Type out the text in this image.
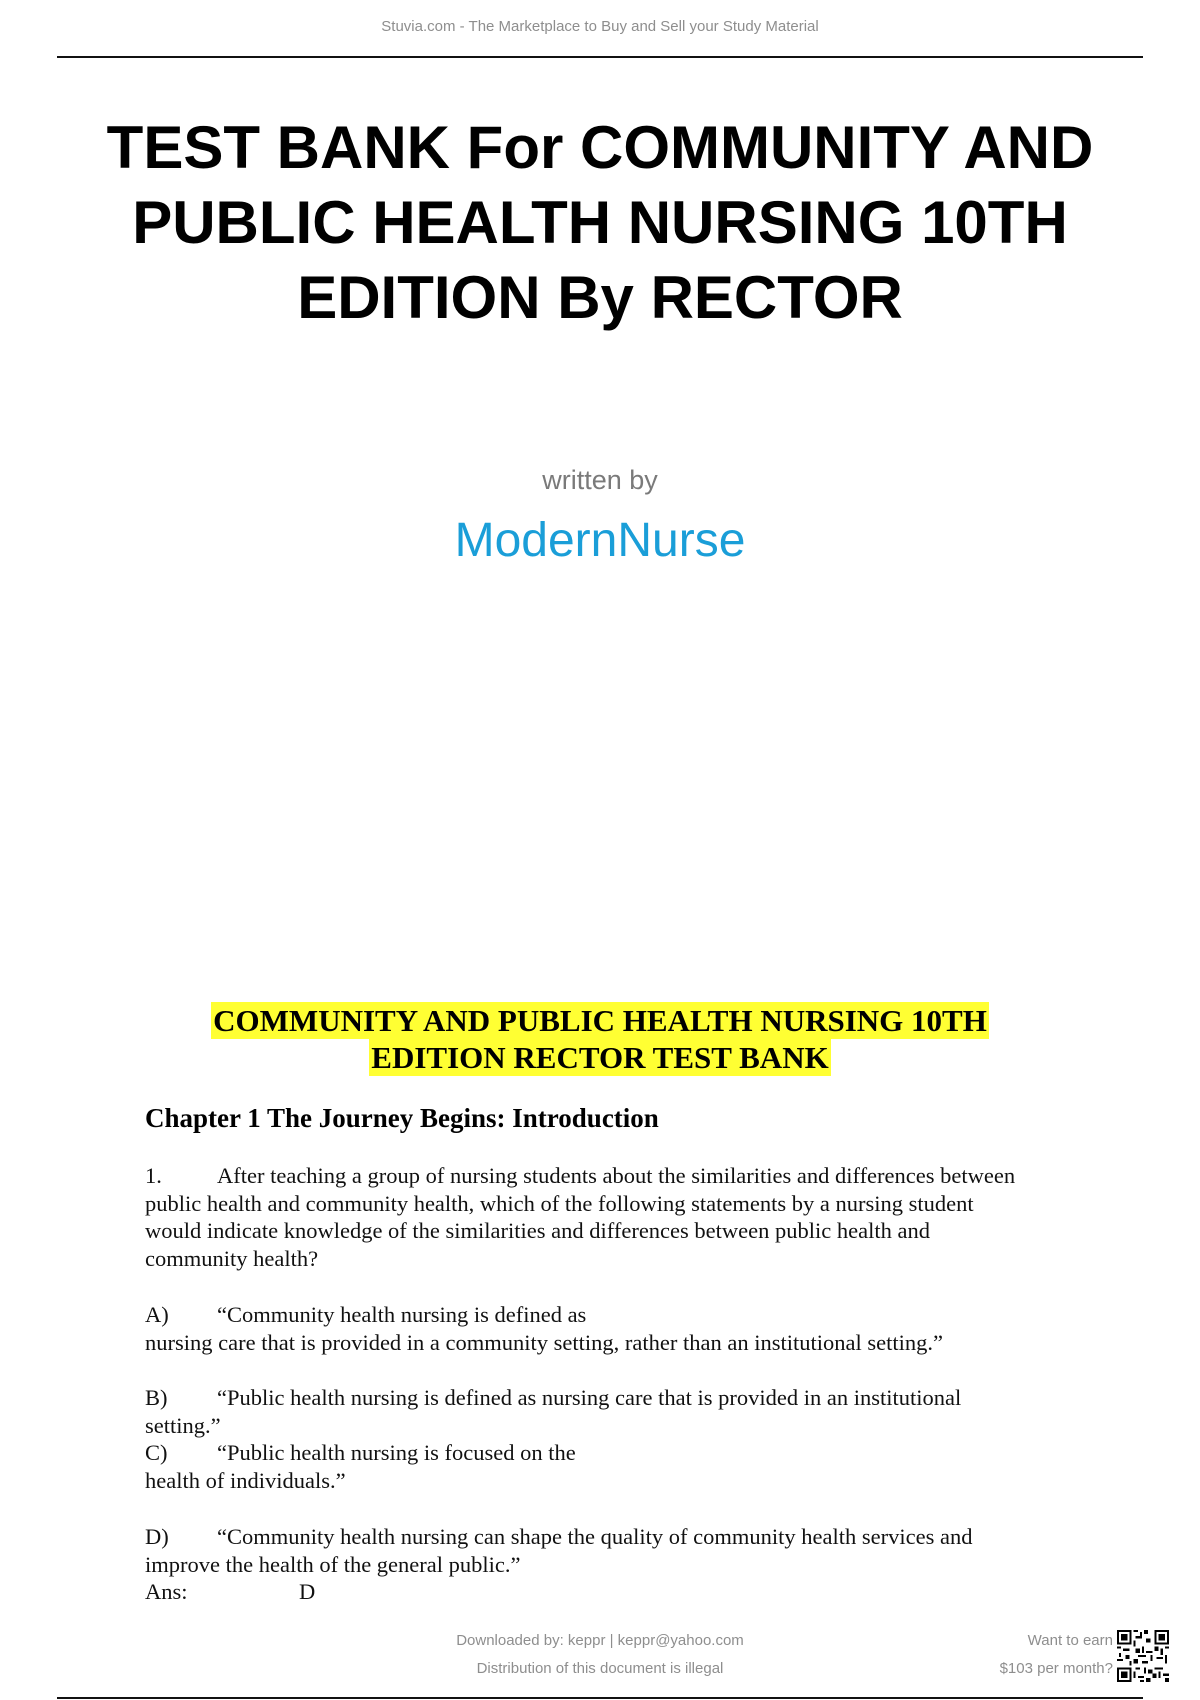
Stuvia.com - The Marketplace to Buy and Sell your Study Material
TEST BANK For COMMUNITY AND
PUBLIC HEALTH NURSING 10TH
EDITION By RECTOR
written by
ModernNurse
COMMUNITY AND PUBLIC HEALTH NURSING 10TH
EDITION RECTOR TEST BANK
Chapter 1 The Journey Begins: Introduction
1. After teaching a group of nursing students about the similarities and differences between
public health and community health, which of the following statements by a nursing student
would indicate knowledge of the similarities and differences between public health and
community health?
A) “Community health nursing is defined as
nursing care that is provided in a community setting, rather than an institutional setting.”
B) “Public health nursing is defined as nursing care that is provided in an institutional
setting.”
C) “Public health nursing is focused on the
health of individuals.”
D) “Community health nursing can shape the quality of community health services and
improve the health of the general public.”
Ans:	D
Downloaded by: keppr | keppr@yahoo.com
Distribution of this document is illegal
Want to earn
$103 per month?
